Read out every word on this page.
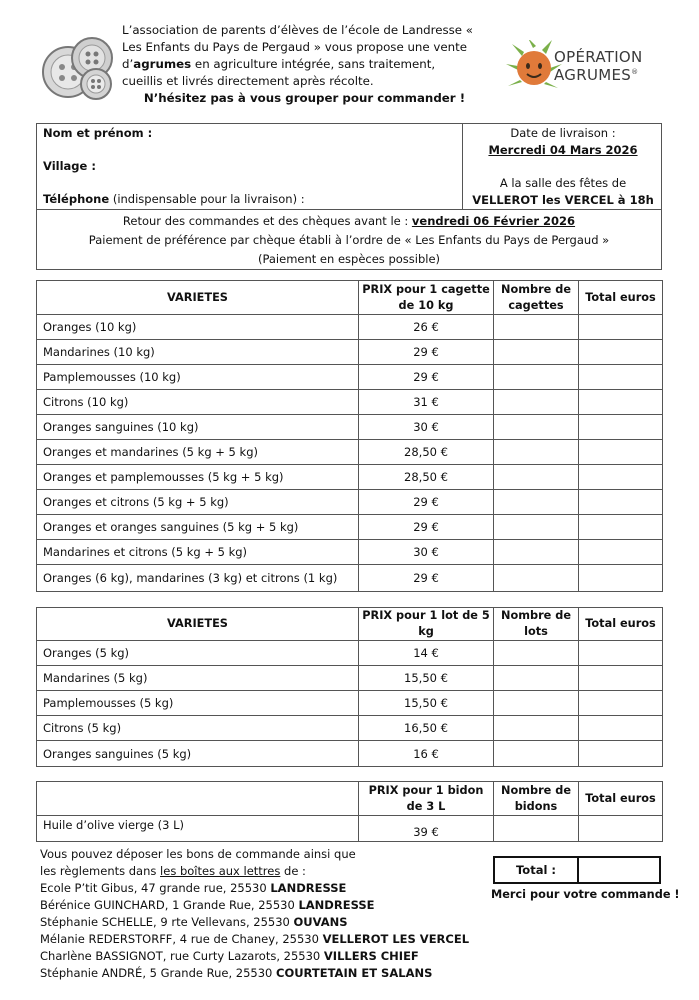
L’association de parents d’élèves de l’école de Landresse « Les Enfants du Pays de Pergaud » vous propose une vente d’agrumes en agriculture intégrée, sans traitement, cueillis et livrés directement après récolte.
N’hésitez pas à vous grouper pour commander !
OPÉRATION
AGRUMES®
Nom et prénom :
Village :
Téléphone (indispensable pour la livraison) :
Date de livraison :
Mercredi 04 Mars 2026
A la salle des fêtes de
VELLEROT les VERCEL à 18h
Retour des commandes et des chèques avant le : vendredi 06 Février 2026
Paiement de préférence par chèque établi à l’ordre de « Les Enfants du Pays de Pergaud »
(Paiement en espèces possible)
VARIETES	PRIX pour 1 cagette de 10 kg	Nombre de cagettes	Total euros
Oranges (10 kg)	26 €		
Mandarines (10 kg)	29 €		
Pamplemousses (10 kg)	29 €		
Citrons (10 kg)	31 €		
Oranges sanguines (10 kg)	30 €		
Oranges et mandarines (5 kg + 5 kg)	28,50 €		
Oranges et pamplemousses (5 kg + 5 kg)	28,50 €		
Oranges et citrons (5 kg + 5 kg)	29 €		
Oranges et oranges sanguines (5 kg + 5 kg)	29 €		
Mandarines et citrons (5 kg + 5 kg)	30 €		
Oranges (6 kg), mandarines (3 kg) et citrons (1 kg)	29 €		
VARIETES	PRIX pour 1 lot de 5 kg	Nombre de lots	Total euros
Oranges (5 kg)	14 €		
Mandarines (5 kg)	15,50 €		
Pamplemousses (5 kg)	15,50 €		
Citrons (5 kg)	16,50 €		
Oranges sanguines (5 kg)	16 €		
	PRIX pour 1 bidon de 3 L	Nombre de bidons	Total euros
Huile d’olive vierge (3 L)	39 €		
Vous pouvez déposer les bons de commande ainsi que
les règlements dans les boîtes aux lettres de :
Ecole P’tit Gibus, 47 grande rue, 25530 LANDRESSE
Bérénice GUINCHARD, 1 Grande Rue, 25530 LANDRESSE
Stéphanie SCHELLE, 9 rte Vellevans, 25530 OUVANS
Mélanie REDERSTORFF, 4 rue de Chaney, 25530 VELLEROT LES VERCEL
Charlène BASSIGNOT, rue Curty Lazarots, 25530 VILLERS CHIEF
Stéphanie ANDRÉ, 5 Grande Rue, 25530 COURTETAIN ET SALANS
Total :
Merci pour votre commande !
